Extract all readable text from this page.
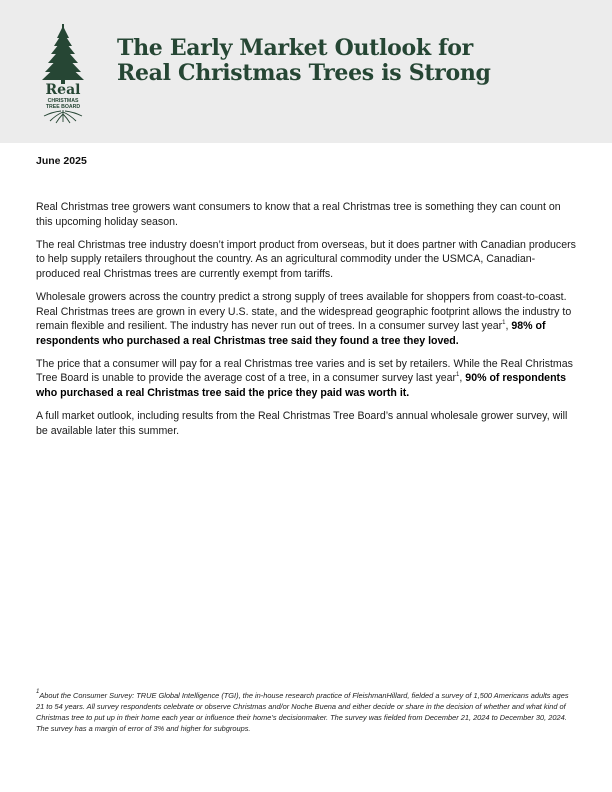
Real
CHRISTMAS
TREE BOARD
The Early Market Outlook for
Real Christmas Trees is Strong
June 2025

Real Christmas tree growers want consumers to know that a real Christmas tree is something they can count on this upcoming holiday season.

The real Christmas tree industry doesn’t import product from overseas, but it does partner with Canadian producers to help supply retailers throughout the country. As an agricultural commodity under the USMCA, Canadian-produced real Christmas trees are currently exempt from tariffs.

Wholesale growers across the country predict a strong supply of trees available for shoppers from coast-to-coast. Real Christmas trees are grown in every U.S. state, and the widespread geographic footprint allows the industry to remain flexible and resilient. The industry has never run out of trees. In a consumer survey last year$^1$, 98% of respondents who purchased a real Christmas tree said they found a tree they loved.

The price that a consumer will pay for a real Christmas tree varies and is set by retailers. While the Real Christmas Tree Board is unable to provide the average cost of a tree, in a consumer survey last year$^1$, 90% of respondents who purchased a real Christmas tree said the price they paid was worth it.

A full market outlook, including results from the Real Christmas Tree Board’s annual wholesale grower survey, will be available later this summer.

$^1$About the Consumer Survey: TRUE Global Intelligence (TGI), the in-house research practice of FleishmanHillard, fielded a survey of 1,500 Americans adults ages 21 to 54 years. All survey respondents celebrate or observe Christmas and/or Noche Buena and either decide or share in the decision of whether and what kind of Christmas tree to put up in their home each year or influence their home’s decisionmaker. The survey was fielded from December 21, 2024 to December 30, 2024. The survey has a margin of error of 3% and higher for subgroups.
